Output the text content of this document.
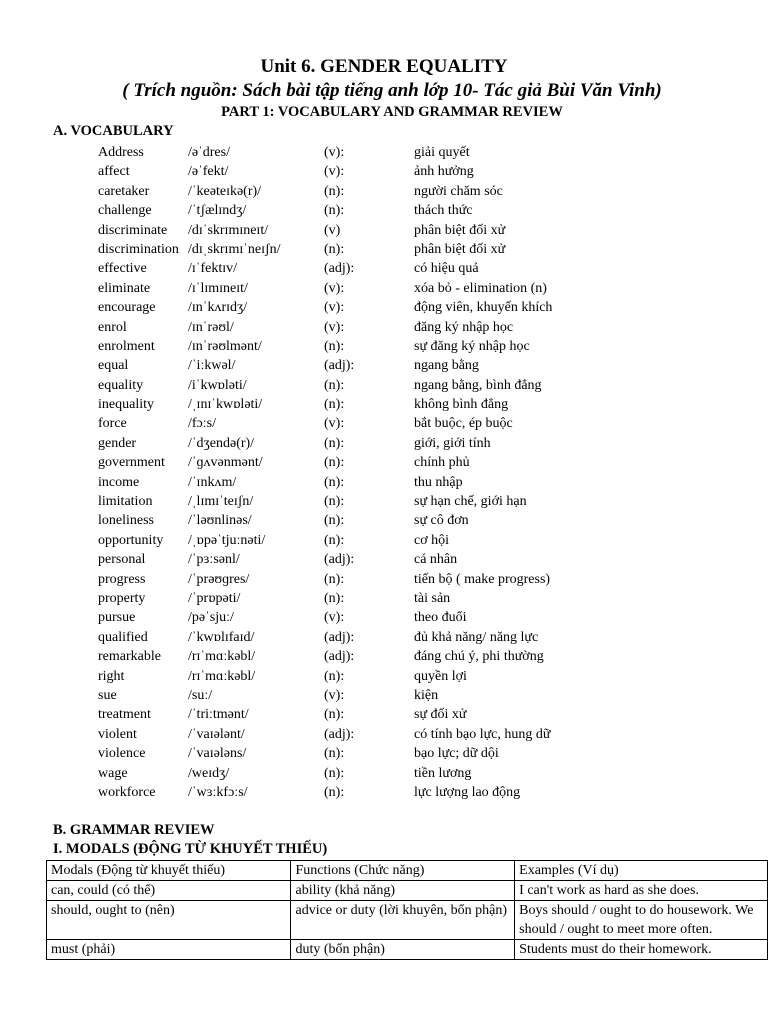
Unit 6. GENDER EQUALITY
( Trích nguồn: Sách bài tập tiếng anh lớp 10- Tác giả Bùi Văn Vinh)
PART 1: VOCABULARY AND GRAMMAR REVIEW
A. VOCABULARY
Address	/əˈdres/	(v):	giải quyết
affect	/əˈfekt/	(v):	ảnh hưởng
caretaker	/ˈkeəteɪkə(r)/	(n):	người chăm sóc
challenge	/ˈtʃælɪndʒ/	(n):	thách thức
discriminate /dɪˈskrɪmɪneɪt/	(v)	phân biệt đối xử
discrimination /dɪˌskrɪmɪˈneɪʃn/	(n):	phân biệt đối xử
effective	/ɪˈfektɪv/	(adj):	có hiệu quả
eliminate	/ɪˈlɪmɪneɪt/	(v):	xóa bỏ - elimination (n)
encourage /ɪnˈkʌrɪdʒ/	(v):	động viên, khuyến khích
enrol	/ɪnˈrəʊl/	(v):	đăng ký nhập học
enrolment /ɪnˈrəʊlmənt/	(n):	sự đăng ký nhập học
equal	/ˈiːkwəl/	(adj):	ngang bằng
equality	/iˈkwɒləti/	(n):	ngang bằng, bình đẳng
inequality /ˌɪnɪˈkwɒləti/	(n):	không bình đẳng
force	/fɔːs/	(v):	bắt buộc, ép buộc
gender	/ˈdʒendə(r)/	(n):	giới, giới tính
government /ˈɡʌvənmənt/	(n):	chính phủ
income	/ˈɪnkʌm/	(n):	thu nhập
limitation	/ˌlɪmɪˈteɪʃn/	(n):	sự hạn chế, giới hạn
loneliness /ˈləʊnlinəs/	(n):	sự cô đơn
opportunity /ˌɒpəˈtjuːnəti/	(n):	cơ hội
personal	/ˈpɜːsənl/	(adj):	cá nhân
progress	/ˈprəʊɡres/	(n):	tiến bộ ( make progress)
property	/ˈprɒpəti/	(n):	tài sản
pursue	/pəˈsjuː/	(v):	theo đuổi
qualified	/ˈkwɒlɪfaɪd/	(adj):	đủ khả năng/ năng lực
remarkable /rɪˈmɑːkəbl/	(adj):	đáng chú ý, phi thường
right	/rɪˈmɑːkəbl/	(n):	quyền lợi
sue	/suː/	(v):	kiện
treatment	/ˈtriːtmənt/	(n):	sự đối xử
violent	/ˈvaɪələnt/	(adj):	có tính bạo lực, hung dữ
violence	/ˈvaɪələns/	(n):	bạo lực; dữ dội
wage	/weɪdʒ/	(n):	tiền lương
workforce /ˈwɜːkfɔːs/	(n):	lực lượng lao động
B. GRAMMAR REVIEW
I. MODALS (ĐỘNG TỪ KHUYẾT THIẾU)
Modals (Động từ khuyết thiếu)	Functions (Chức năng)	Examples (Ví dụ)
can, could (có thể)	ability (khả năng)	I can't work as hard as she does.
should, ought to (nên)	advice or duty (lời khuyên, bổn phận)	Boys should / ought to do housework. We should / ought to meet more often.
must (phải)	duty (bổn phận)	Students must do their homework.
